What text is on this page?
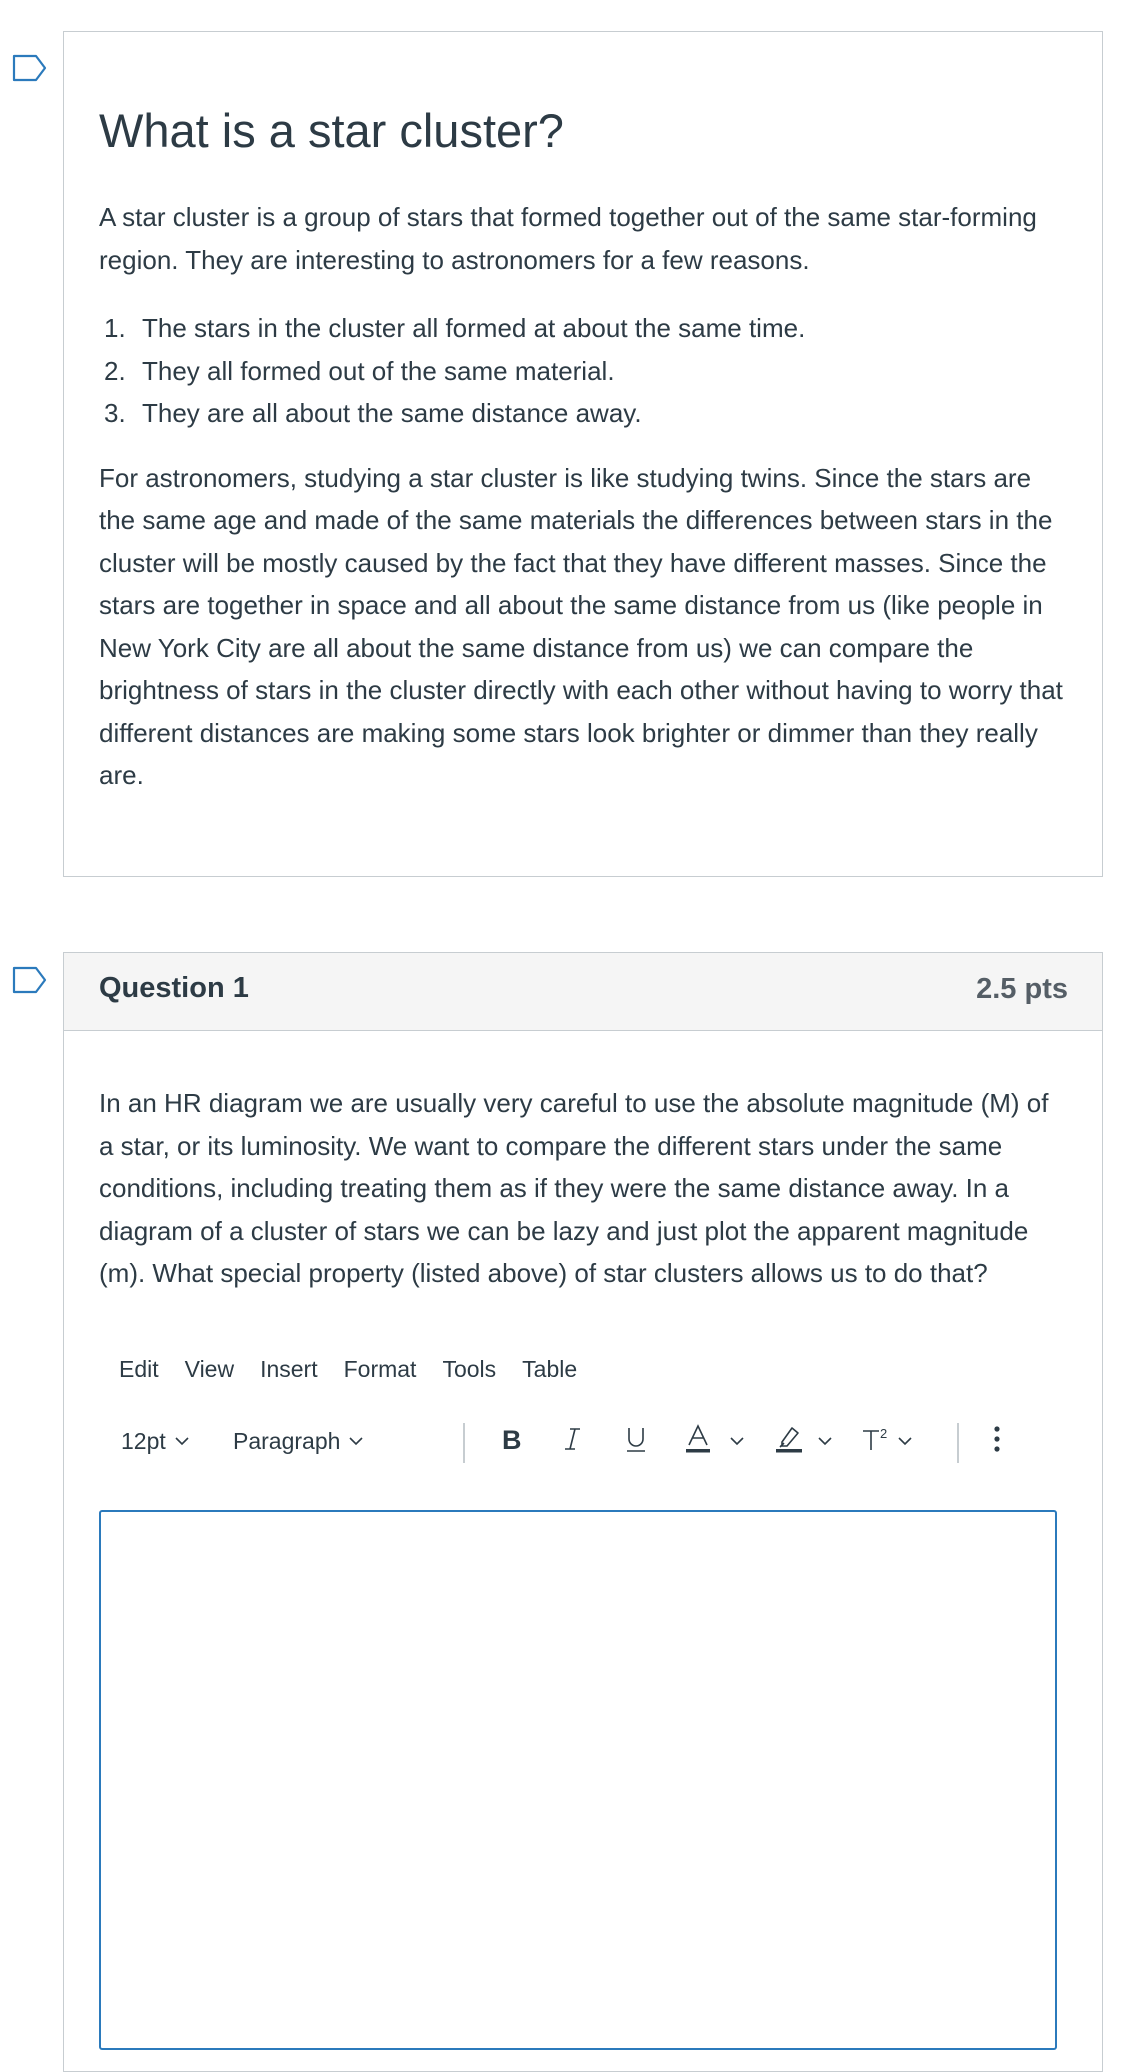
What is a star cluster?

A star cluster is a group of stars that formed together out of the same star-forming region. They are interesting to astronomers for a few reasons.

1. The stars in the cluster all formed at about the same time.
2. They all formed out of the same material.
3. They are all about the same distance away.

For astronomers, studying a star cluster is like studying twins. Since the stars are the same age and made of the same materials the differences between stars in the cluster will be mostly caused by the fact that they have different masses. Since the stars are together in space and all about the same distance from us (like people in New York City are all about the same distance from us) we can compare the brightness of stars in the cluster directly with each other without having to worry that different distances are making some stars look brighter or dimmer than they really are.

Question 1	2.5 pts

In an HR diagram we are usually very careful to use the absolute magnitude (M) of a star, or its luminosity. We want to compare the different stars under the same conditions, including treating them as if they were the same distance away. In a diagram of a cluster of stars we can be lazy and just plot the apparent magnitude (m). What special property (listed above) of star clusters allows us to do that?

Edit View Insert Format Tools Table
12pt	Paragraph	B	2
